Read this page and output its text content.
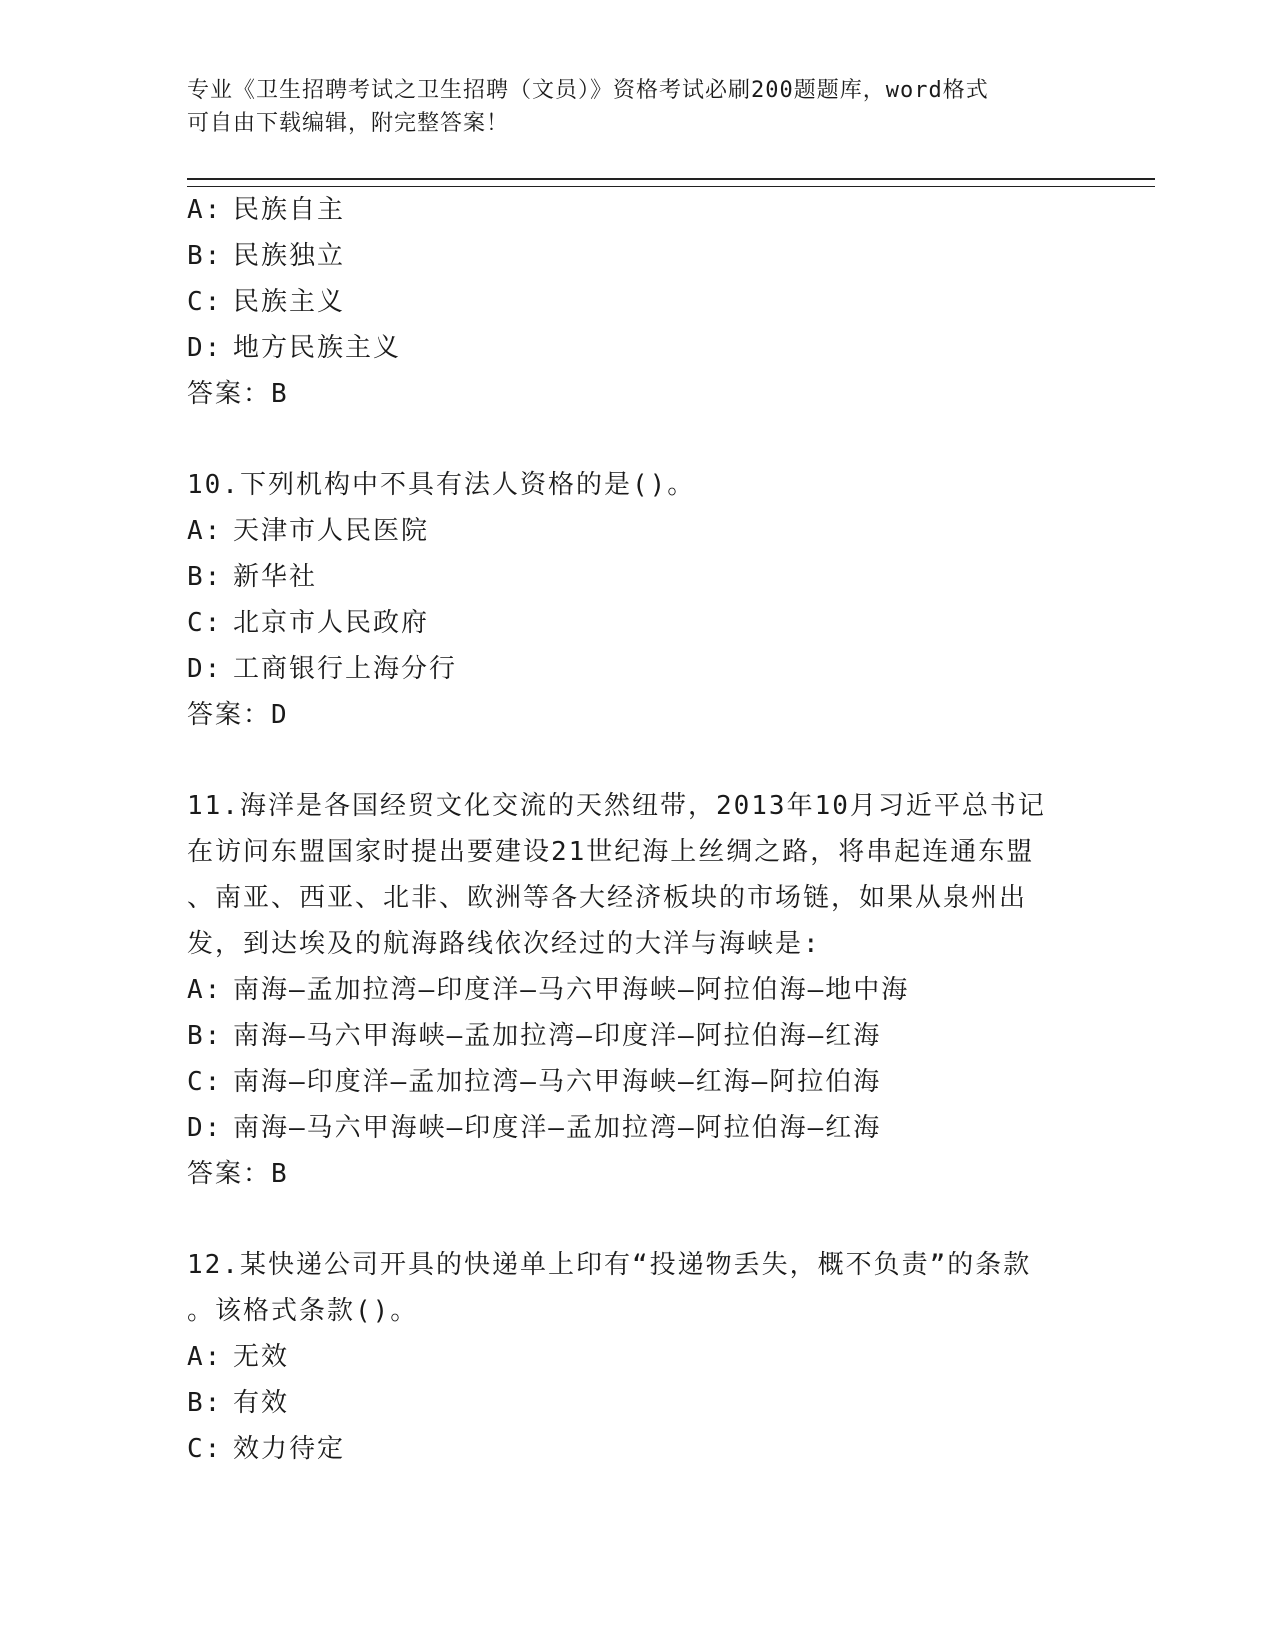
专业《卫生招聘考试之卫生招聘（文员）》资格考试必刷200题题库，word格式
可自由下载编辑，附完整答案！
A: 民族自主
B: 民族独立
C: 民族主义
D: 地方民族主义
答案：B
10.下列机构中不具有法人资格的是()。
A: 天津市人民医院
B: 新华社
C: 北京市人民政府
D: 工商银行上海分行
答案：D
11.海洋是各国经贸文化交流的天然纽带，2013年10月习近平总书记
在访问东盟国家时提出要建设21世纪海上丝绸之路，将串起连通东盟
、南亚、西亚、北非、欧洲等各大经济板块的市场链，如果从泉州出
发，到达埃及的航海路线依次经过的大洋与海峡是:
A: 南海—孟加拉湾—印度洋—马六甲海峡—阿拉伯海—地中海
B: 南海—马六甲海峡—孟加拉湾—印度洋—阿拉伯海—红海
C: 南海—印度洋—孟加拉湾—马六甲海峡—红海—阿拉伯海
D: 南海—马六甲海峡—印度洋—孟加拉湾—阿拉伯海—红海
答案：B
12.某快递公司开具的快递单上印有“投递物丢失，概不负责”的条款
。该格式条款()。
A: 无效
B: 有效
C: 效力待定
